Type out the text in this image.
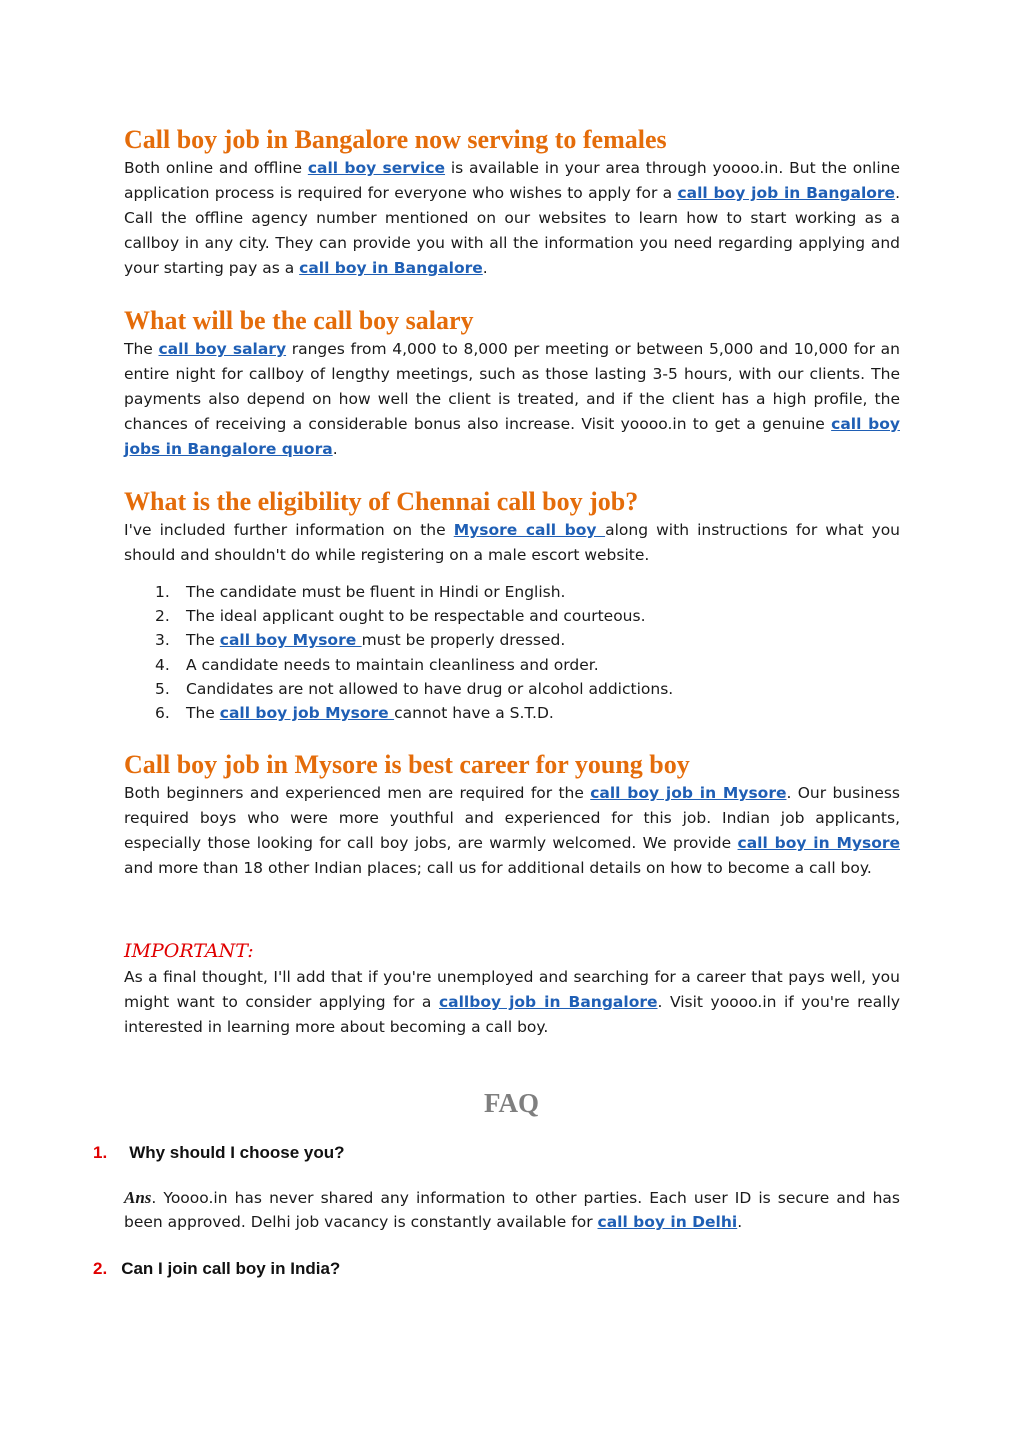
Call boy job in Bangalore now serving to females

Both online and offline call boy service is available in your area through yoooo.in. But the online application process is required for everyone who wishes to apply for a call boy job in Bangalore. Call the offline agency number mentioned on our websites to learn how to start working as a callboy in any city. They can provide you with all the information you need regarding applying and your starting pay as a call boy in Bangalore.

What will be the call boy salary

The call boy salary ranges from 4,000 to 8,000 per meeting or between 5,000 and 10,000 for an entire night for callboy of lengthy meetings, such as those lasting 3-5 hours, with our clients. The payments also depend on how well the client is treated, and if the client has a high profile, the chances of receiving a considerable bonus also increase. Visit yoooo.in to get a genuine call boy jobs in Bangalore quora.

What is the eligibility of Chennai call boy job?

I've included further information on the Mysore call boy along with instructions for what you should and shouldn't do while registering on a male escort website.

1. The candidate must be fluent in Hindi or English.
2. The ideal applicant ought to be respectable and courteous.
3. The call boy Mysore must be properly dressed.
4. A candidate needs to maintain cleanliness and order.
5. Candidates are not allowed to have drug or alcohol addictions.
6. The call boy job Mysore cannot have a S.T.D.
Call boy job in Mysore is best career for young boy

Both beginners and experienced men are required for the call boy job in Mysore. Our business required boys who were more youthful and experienced for this job. Indian job applicants, especially those looking for call boy jobs, are warmly welcomed. We provide call boy in Mysore and more than 18 other Indian places; call us for additional details on how to become a call boy.

IMPORTANT:

As a final thought, I'll add that if you're unemployed and searching for a career that pays well, you might want to consider applying for a callboy job in Bangalore. Visit yoooo.in if you're really interested in learning more about becoming a call boy.

FAQ
1. Why should I choose you?
Ans. Yoooo.in has never shared any information to other parties. Each user ID is secure and has been approved. Delhi job vacancy is constantly available for call boy in Delhi.
2. Can I join call boy in India?
